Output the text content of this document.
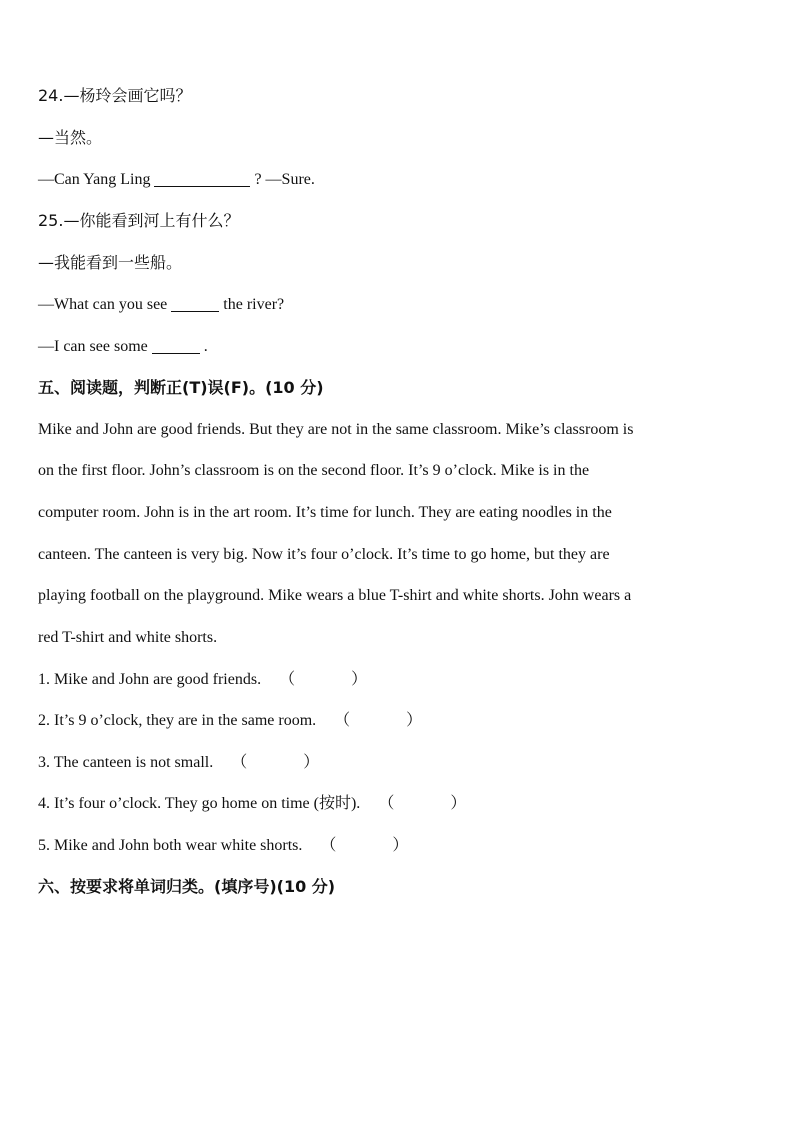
24.—杨玲会画它吗？
—当然。
—Can Yang Ling	? —Sure.
25.—你能看到河上有什么？
—我能看到一些船。
—What can you see	the river?
—I can see some	.
五、阅读题，判断正(T)误(F)。(10 分)
Mike and John are good friends. But they are not in the same classroom. Mike’s classroom is
on the first floor. John’s classroom is on the second floor. It’s 9 o’clock. Mike is in the
computer room. John is in the art room. It’s time for lunch. They are eating noodles in the
canteen. The canteen is very big. Now it’s four o’clock. It’s time to go home, but they are
playing football on the playground. Mike wears a blue T-shirt and white shorts. John wears a
red T-shirt and white shorts.
1. Mike and John are good friends. （	）
2. It’s 9 o’clock, they are in the same room. （	）
3. The canteen is not small. （	）
4. It’s four o’clock. They go home on time (按时). （	）
5. Mike and John both wear white shorts. （	）
六、按要求将单词归类。(填序号)(10 分)
